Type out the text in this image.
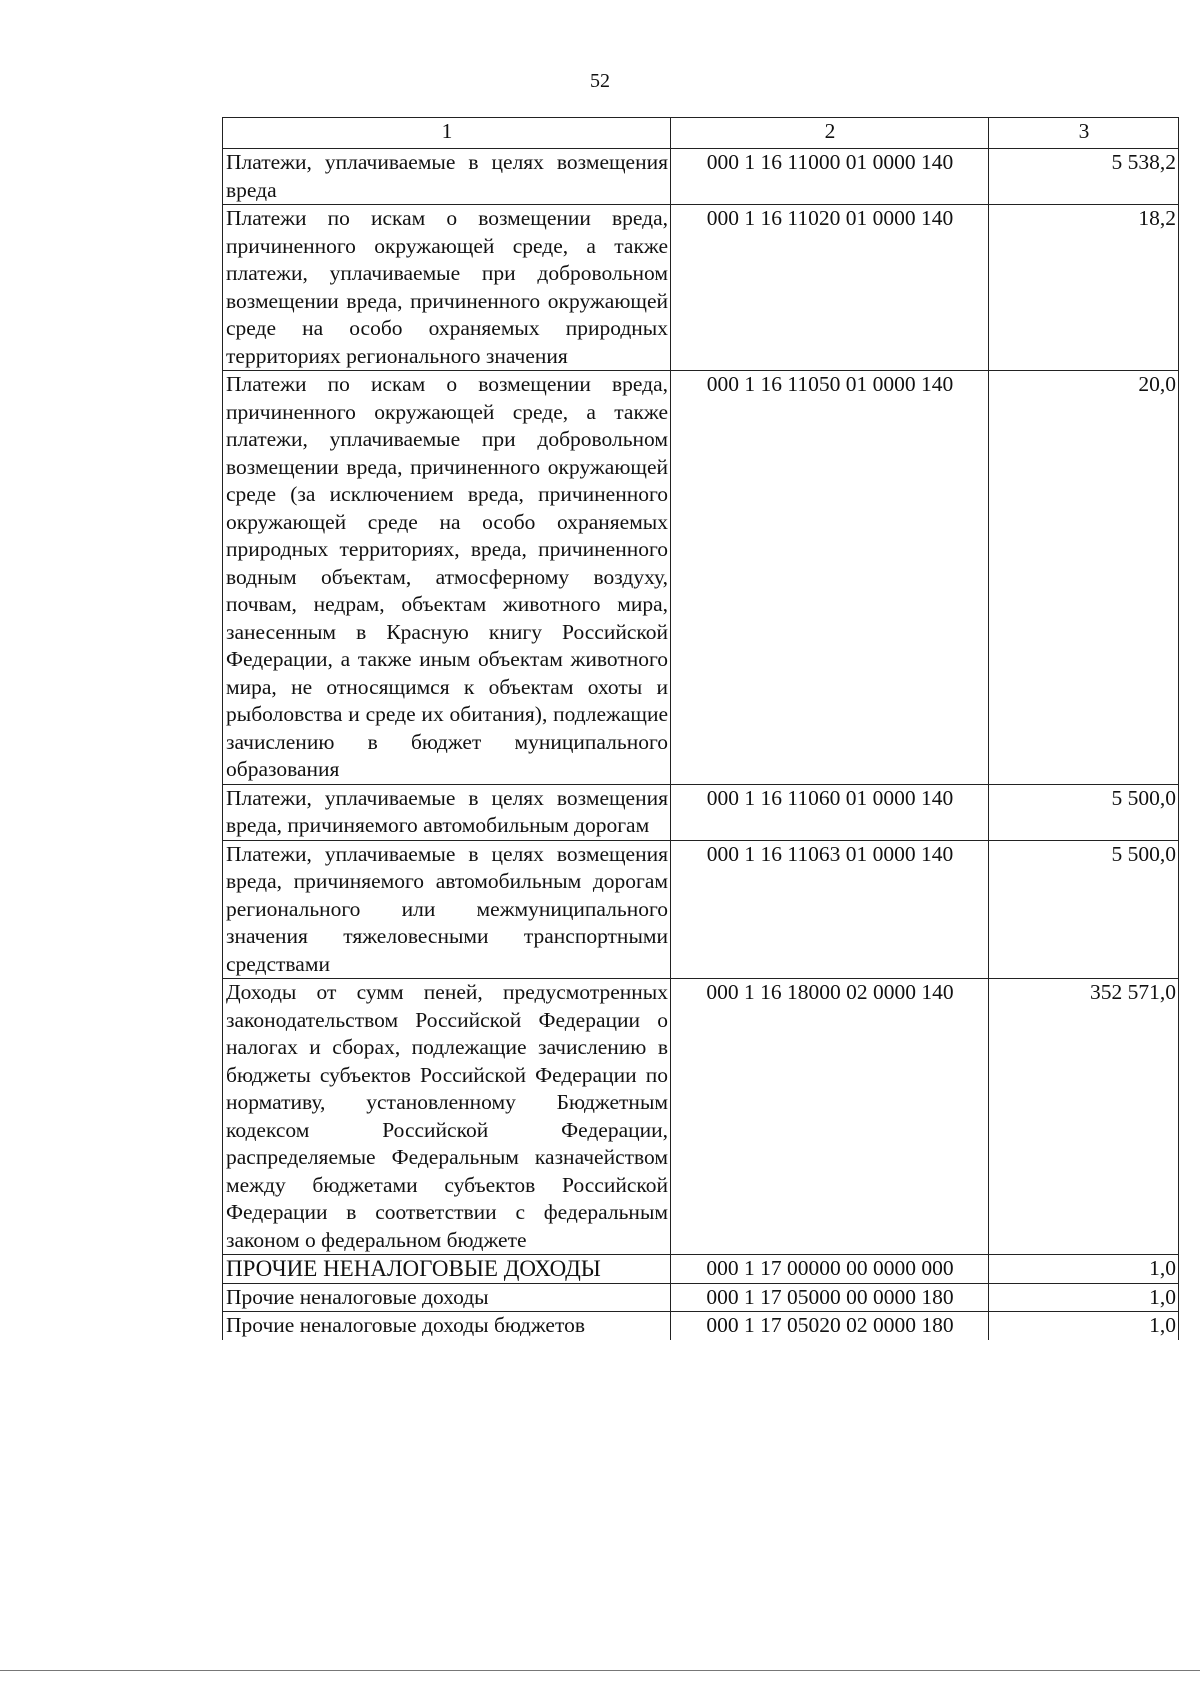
52
1	2	3
Платежи, уплачиваемые в целях возмещения вреда	000 1 16 11000 01 0000 140	5 538,2
Платежи по искам о возмещении вреда, причиненного окружающей среде, а также платежи, уплачиваемые при добровольном возмещении вреда, причиненного окружающей среде на особо охраняемых природных территориях регионального значения	000 1 16 11020 01 0000 140	18,2
Платежи по искам о возмещении вреда, причиненного окружающей среде, а также платежи, уплачиваемые при добровольном возмещении вреда, причиненного окружающей среде (за исключением вреда, причиненного окружающей среде на особо охраняемых природных территориях, вреда, причиненного водным объектам, атмосферному воздуху, почвам, недрам, объектам животного мира, занесенным в Красную книгу Российской Федерации, а также иным объектам животного мира, не относящимся к объектам охоты и рыболовства и среде их обитания), подлежащие зачислению в бюджет муниципального образования	000 1 16 11050 01 0000 140	20,0
Платежи, уплачиваемые в целях возмещения вреда, причиняемого автомобильным дорогам	000 1 16 11060 01 0000 140	5 500,0
Платежи, уплачиваемые в целях возмещения вреда, причиняемого автомобильным дорогам регионального или межмуниципального значения тяжеловесными транспортными средствами	000 1 16 11063 01 0000 140	5 500,0
Доходы от сумм пеней, предусмотренных законодательством Российской Федерации о налогах и сборах, подлежащие зачислению в бюджеты субъектов Российской Федерации по нормативу, установленному Бюджетным кодексом Российской Федерации, распределяемые Федеральным казначейством между бюджетами субъектов Российской Федерации в соответствии с федеральным законом о федеральном бюджете	000 1 16 18000 02 0000 140	352 571,0
ПРОЧИЕ НЕНАЛОГОВЫЕ ДОХОДЫ	000 1 17 00000 00 0000 000	1,0
Прочие неналоговые доходы	000 1 17 05000 00 0000 180	1,0
Прочие неналоговые доходы бюджетов	000 1 17 05020 02 0000 180	1,0
